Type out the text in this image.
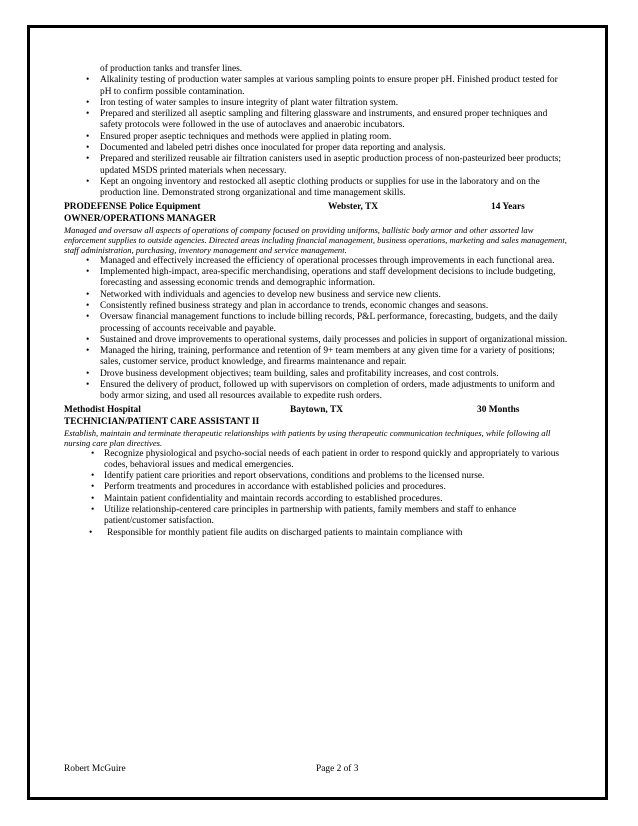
of production tanks and transfer lines.
• Alkalinity testing of production water samples at various sampling points to ensure proper pH. Finished product tested for pH to confirm possible contamination.
• Iron testing of water samples to insure integrity of plant water filtration system.
• Prepared and sterilized all aseptic sampling and filtering glassware and instruments, and ensured proper techniques and safety protocols were followed in the use of autoclaves and anaerobic incubators.
• Ensured proper aseptic techniques and methods were applied in plating room.
• Documented and labeled petri dishes once inoculated for proper data reporting and analysis.
• Prepared and sterilized reusable air filtration canisters used in aseptic production process of non-pasteurized beer products; updated MSDS printed materials when necessary.
• Kept an ongoing inventory and restocked all aseptic clothing products or supplies for use in the laboratory and on the production line. Demonstrated strong organizational and time management skills.
PRODEFENSE Police Equipment	Webster, TX	14 Years
OWNER/OPERATIONS MANAGER
Managed and oversaw all aspects of operations of company focused on providing uniforms, ballistic body armor and other assorted law enforcement supplies to outside agencies. Directed areas including financial management, business operations, marketing and sales management, staff administration, purchasing, inventory management and service management.
• Managed and effectively increased the efficiency of operational processes through improvements in each functional area.
• Implemented high-impact, area-specific merchandising, operations and staff development decisions to include budgeting, forecasting and assessing economic trends and demographic information.
• Networked with individuals and agencies to develop new business and service new clients.
• Consistently refined business strategy and plan in accordance to trends, economic changes and seasons.
• Oversaw financial management functions to include billing records, P&L performance, forecasting, budgets, and the daily processing of accounts receivable and payable.
• Sustained and drove improvements to operational systems, daily processes and policies in support of organizational mission.
• Managed the hiring, training, performance and retention of 9+ team members at any given time for a variety of positions; sales, customer service, product knowledge, and firearms maintenance and repair.
• Drove business development objectives; team building, sales and profitability increases, and cost controls.
• Ensured the delivery of product, followed up with supervisors on completion of orders, made adjustments to uniform and body armor sizing, and used all resources available to expedite rush orders.
Methodist Hospital	Baytown, TX	30 Months
TECHNICIAN/PATIENT CARE ASSISTANT II
Establish, maintain and terminate therapeutic relationships with patients by using therapeutic communication techniques, while following all nursing care plan directives.
• Recognize physiological and psycho-social needs of each patient in order to respond quickly and appropriately to various codes, behavioral issues and medical emergencies.
• Identify patient care priorities and report observations, conditions and problems to the licensed nurse.
• Perform treatments and procedures in accordance with established policies and procedures.
• Maintain patient confidentiality and maintain records according to established procedures.
• Utilize relationship-centered care principles in partnership with patients, family members and staff to enhance patient/customer satisfaction.
• Responsible for monthly patient file audits on discharged patients to maintain compliance with
Robert McGuire	Page 2 of 3
